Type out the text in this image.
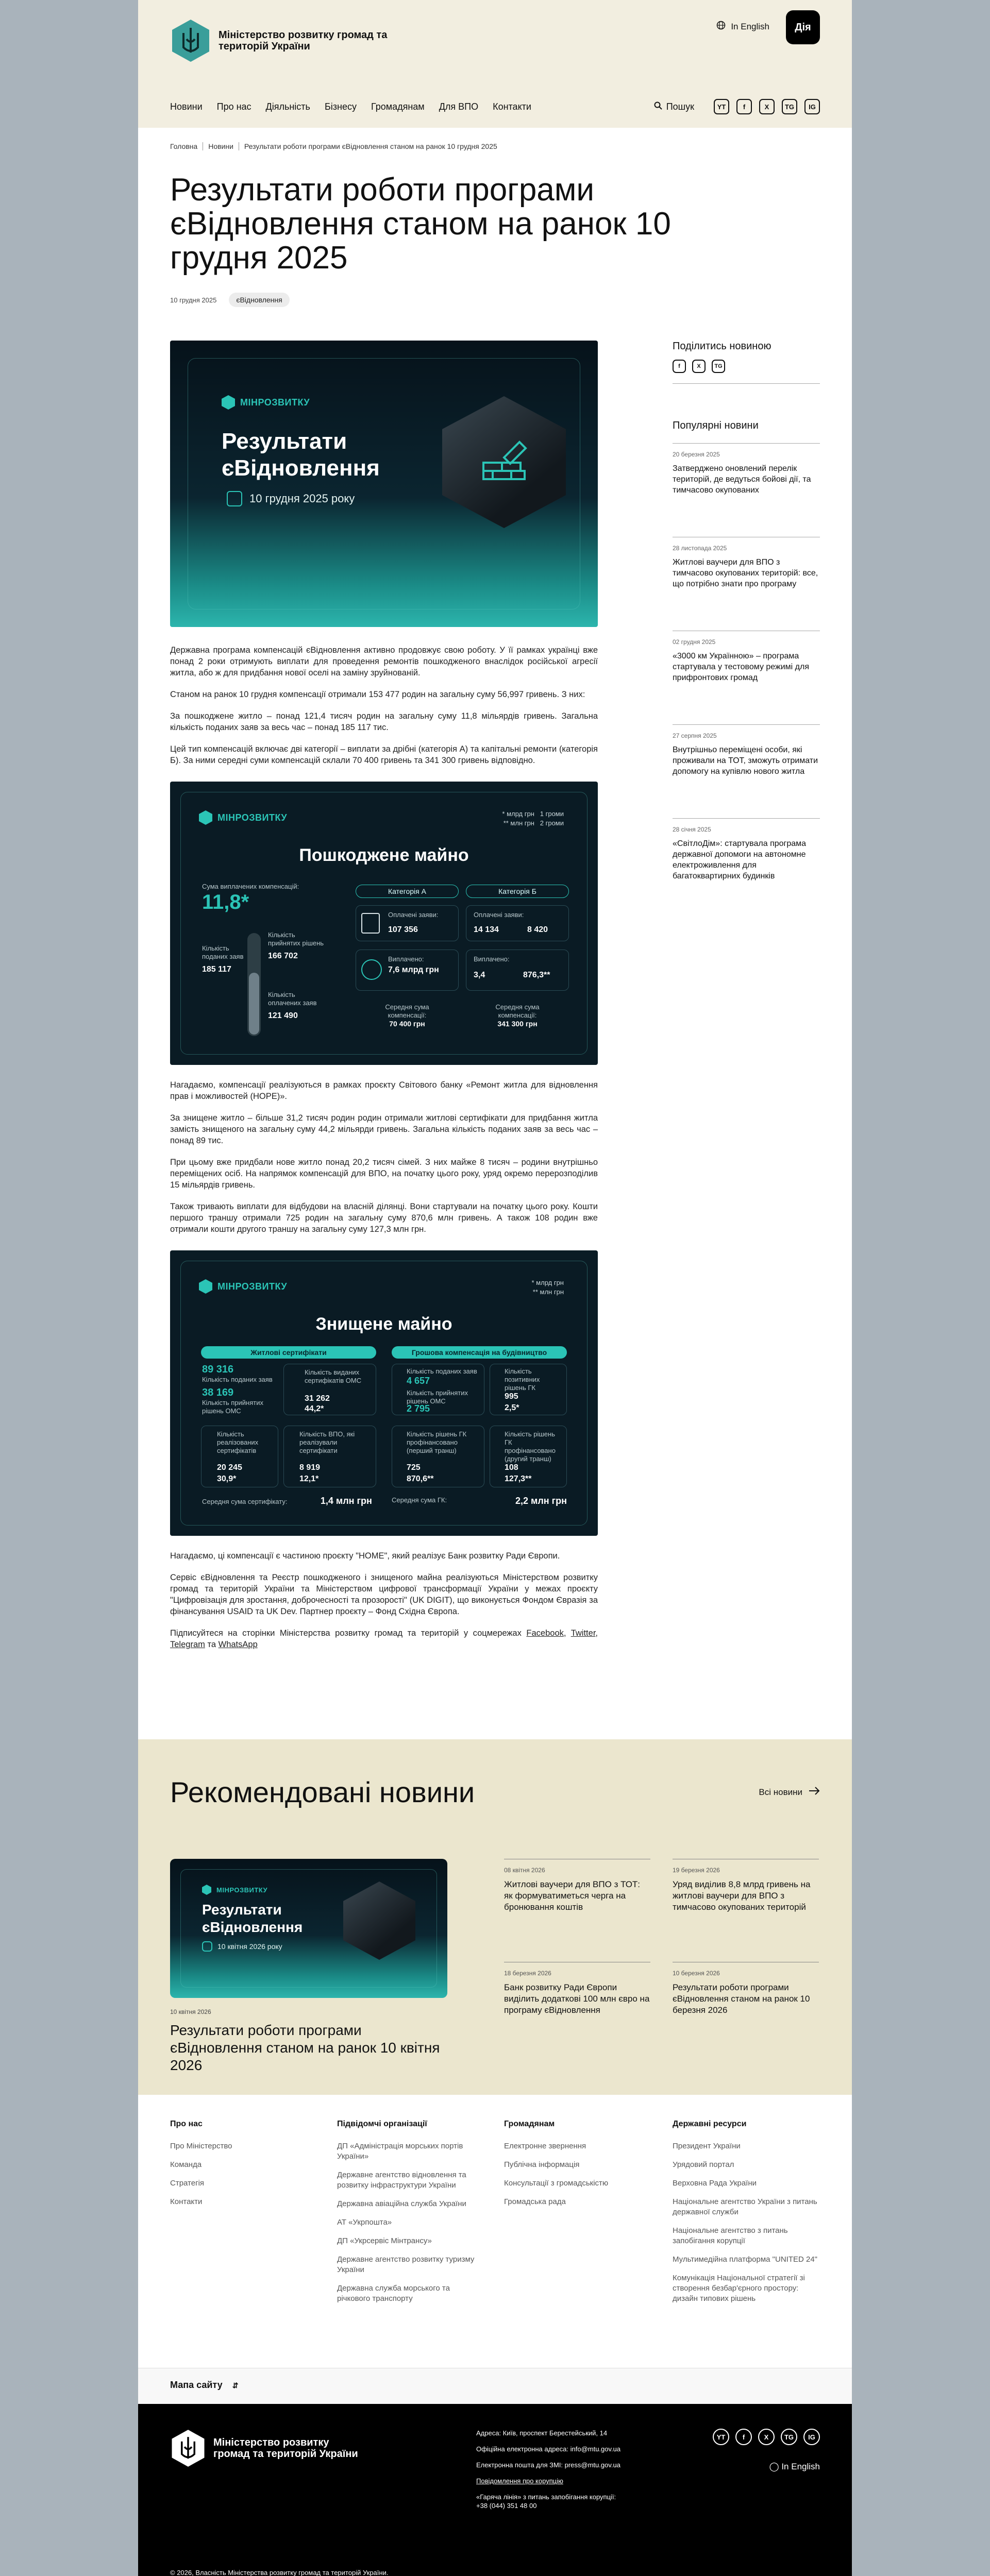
Міністерство розвитку громад та територій України
In English	Дія
Новини Про нас Діяльність Бізнесу Громадянам Для ВПО Контакти	Пошук	YT	f	X	TG	IG
Головна Новини Результати роботи програми єВідновлення станом на ранок 10 грудня 2025
Результати роботи програми єВідновлення станом на ранок 10 грудня 2025
10 грудня 2025	єВідновлення
МІНРОЗВИТКУ
Результати
єВідновлення
10 грудня 2025 року

Державна програма компенсацій єВідновлення активно продовжує свою роботу. У її рамках українці вже понад 2 роки отримують виплати для проведення ремонтів пошкодженого внаслідок російської агресії житла, або ж для придбання нової оселі на заміну зруйнованій.

Станом на ранок 10 грудня компенсації отримали 153 477 родин на загальну суму 56,997 гривень. З них:

За пошкоджене житло – понад 121,4 тисяч родин на загальну суму 11,8 мільярдів гривень. Загальна кількість поданих заяв за весь час – понад 185 117 тис.

Цей тип компенсацій включає дві категорії – виплати за дрібні (категорія А) та капітальні ремонти (категорія Б). За ними середні суми компенсацій склали 70 400 гривень та 341 300 гривень відповідно.

МІНРОЗВИТКУ	* млрд грн 1 громи
** млн грн 2 громи
Пошкоджене майно
Сума виплачених компенсацій:
11,8*
Кількість поданих заяв
185 117
Кількість прийнятих рішень
166 702
Кількість оплачених заяв
121 490
Категорія А	Категорія Б
Оплачені заяви:
107 356
Виплачено:
7,6 млрд грн
Оплачені заяви:
14 134	8 420
Виплачено:
3,4	876,3**
Середня сума компенсації:
70 400 грн
Середня сума компенсації:
341 300 грн

Нагадаємо, компенсації реалізуються в рамках проєкту Світового банку «Ремонт житла для відновлення прав і можливостей (HOPE)».

За знищене житло – більше 31,2 тисяч родин родин отримали житлові сертифікати для придбання житла замість знищеного на загальну суму 44,2 мільярди гривень. Загальна кількість поданих заяв за весь час – понад 89 тис.

При цьому вже придбали нове житло понад 20,2 тисяч сімей. З них майже 8 тисяч – родини внутрішньо переміщених осіб. На напрямок компенсацій для ВПО, на початку цього року, уряд окремо перерозподілив 15 мільярдів гривень.

Також тривають виплати для відбудови на власній ділянці. Вони стартували на початку цього року. Кошти першого траншу отримали 725 родин на загальну суму 870,6 млн гривень. А також 108 родин вже отримали кошти другого траншу на загальну суму 127,3 млн грн.

МІНРОЗВИТКУ	* млрд грн
** млн грн
Знищене майно
Житлові сертифікати	Грошова компенсація на будівництво
89 316
Кількість поданих заяв
38 169
Кількість прийнятих рішень ОМС
Кількість виданих сертифікатів ОМС
31 262
44,2*
Кількість реалізованих сертифікатів
20 245
30,9*
Кількість ВПО, які реалізували сертифікати
8 919
12,1*
Середня сума сертифікату:	1,4 млн грн
Кількість поданих заяв
4 657
Кількість прийнятих рішень ОМС
2 795
Кількість позитивних рішень ГК
995
2,5*
Кількість рішень ГК профінансовано (перший транш)
725
870,6**
Кількість рішень ГК профінансовано (другий транш)
108
127,3**
Середня сума ГК:	2,2 млн грн

Нагадаємо, ці компенсації є частиною проєкту "HOME", який реалізує Банк розвитку Ради Європи.

Сервіс єВідновлення та Реєстр пошкодженого і знищеного майна реалізуються Міністерством розвитку громад та територій України та Міністерством цифрової трансформації України у межах проєкту "Цифровізація для зростання, доброчесності та прозорості" (UK DIGIT), що виконується Фондом Євразія за фінансування USAID та UK Dev. Партнер проєкту – Фонд Східна Європа.

Підписуйтеся на сторінки Міністерства розвитку громад та територій у соцмережах Facebook, Twitter, Telegram та WhatsApp

Поділитись новиною
f	X	TG
Популярні новини
20 березня 2025
Затверджено оновлений перелік територій, де ведуться бойові дії, та тимчасово окупованих
28 листопада 2025
Житлові ваучери для ВПО з тимчасово окупованих територій: все, що потрібно знати про програму
02 грудня 2025
«3000 км Українною» – програма стартувала у тестовому режимі для прифронтових громад
27 серпня 2025
Внутрішньо переміщені особи, які проживали на ТОТ, зможуть отримати допомогу на купівлю нового житла
28 січня 2025
«СвітлоДім»: стартувала програма державної допомоги на автономне електроживлення для багатоквартирних будинків
Рекомендовані новини	Всі новини
МІНРОЗВИТКУ
Результати
єВідновлення
10 квітня 2026 року
10 квітня 2026
Результати роботи програми єВідновлення станом на ранок 10 квітня 2026
08 квітня 2026
Житлові ваучери для ВПО з ТОТ: як формуватиметься черга на бронювання коштів
19 березня 2026
Уряд виділив 8,8 млрд гривень на житлові ваучери для ВПО з тимчасово окупованих територій
18 березня 2026
Банк розвитку Ради Європи виділить додаткові 100 млн євро на програму єВідновлення
10 березня 2026
Результати роботи програми єВідновлення станом на ранок 10 березня 2026
Про нас
Про Міністерство
Команда
Стратегія
Контакти
Підвідомчі організації
ДП «Адміністрація морських портів України»
Державне агентство відновлення та розвитку інфраструктури України
Державна авіаційна служба України
АТ «Укрпошта»
ДП «Укрсервіс Мінтрансу»
Державне агентство розвитку туризму України
Державна служба морського та річкового транспорту
Громадянам
Електронне звернення
Публічна інформація
Консультації з громадськістю
Громадська рада
Державні ресурси
Президент України
Урядовий портал
Верховна Рада України
Національне агентство України з питань державної служби
Національне агентство з питань запобігання корупції
Мультимедійна платформа "UNITED 24"
Комунікація Національної стратегії зі створення безбар'єрного простору: дизайн типових рішень
Мапа сайту ⇵
Міністерство розвитку громад та територій України
Адреса: Київ, проспект Берестейський, 14
Офіційна електронна адреса: info@mtu.gov.ua
Електронна пошта для ЗМІ: press@mtu.gov.ua
Повідомлення про корупцію
«Гаряча лінія» з питань запобігання корупції:
+38 (044) 351 48 00
YT	f	X	TG	IG
◯ In English
© 2026, Власність Міністерства розвитку громад та територій України.
